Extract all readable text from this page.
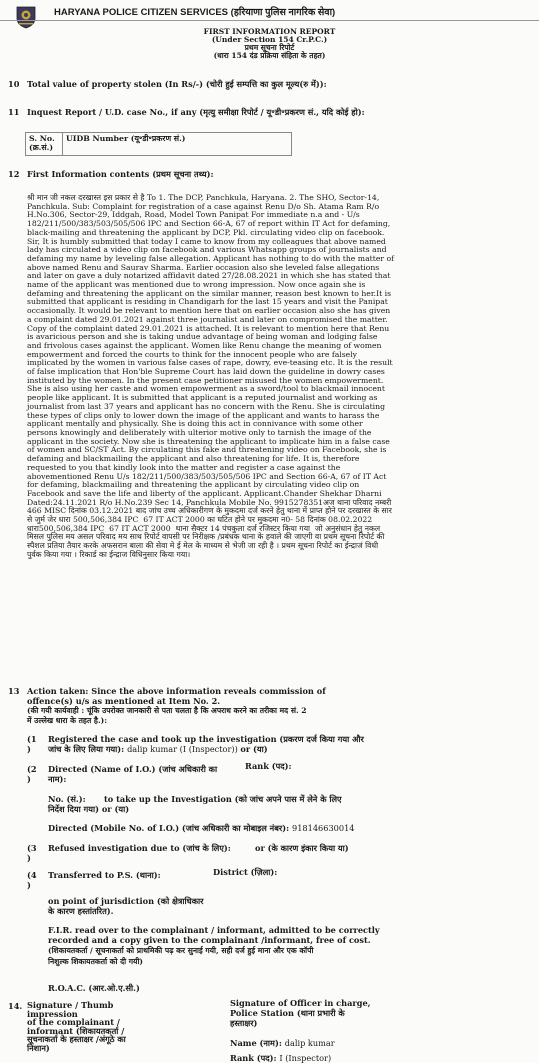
HARYANA POLICE CITIZEN SERVICES (हरियाणा पुलिस नागरिक सेवा)
FIRST INFORMATION REPORT
(Under Section 154 Cr.P.C.)
प्रथम सूचना रिपोर्ट
(धारा 154 दंड प्रक्रिया संहिता के तहत)
10 Total value of property stolen (In Rs/-) (चोरी हुई सम्पत्ति का कुल मूल्य(रु में)):
11 Inquest Report / U.D. case No., if any (मृत्यु समीक्षा रिपोर्ट / यू॰डी॰प्रकरण सं., यदि कोई हो):
S. No.
(क्र.सं.)
	UIDB Number (यू॰डी॰प्रकरण सं.)
12 First Information contents (प्रथम सूचना तथ्य):

श्री मान जी नकल दरखास्त इस प्रकार से है To 1. The DCP, Panchkula, Haryana. 2. The SHO, Sector-14, Panchkula. Sub: Complaint for registration of a case against Renu D/o Sh. Atama Ram R/o H.No.306, Sector-29, Iddgah, Road, Model Town Panipat For immediate n.a and - U/s 182/211/500/383/503/505/506 IPC and Section 66-A, 67 of report within IT Act for defaming, black-mailing and threatening the applicant by DCP, Pkl. circulating video clip on facebook. Sir, It is humbly submitted that today I came to know from my colleagues that above named lady has circulated a video clip on facebook and various Whatsapp groups of journalists and defaming my name by leveling false allegation. Applicant has nothing to do with the matter of above named Renu and Saurav Sharma. Earlier occasion also she leveled false allegations and later on gave a duly notarized affidavit dated 27/28.08.2021 in which she has stated that name of the applicant was mentioned due to wrong impression. Now once again she is defaming and threatening the applicant on the similar manner, reason best known to her.It is submitted that applicant is residing in Chandigarh for the last 15 years and visit the Panipat occasionally. It would be relevant to mention here that on earlier occasion also she has given a complaint dated 29.01.2021 against three journalist and later on compromised the matter. Copy of the complaint dated 29.01.2021 is attached. It is relevant to mention here that Renu is avaricious person and she is taking undue advantage of being woman and lodging false and frivolous cases against the applicant. Women like Renu change the meaning of women empowerment and forced the courts to think for the innocent people who are falsely implicated by the women in various false cases of rape, dowry, eve-teasing etc. It is the result of false implication that Hon'ble Supreme Court has laid down the guideline in dowry cases instituted by the women. In the present case petitioner misused the women empowerment. She is also using her caste and women empowerment as a sword/tool to blackmail innocent people like applicant. It is submitted that applicant is a reputed journalist and working as journalist from last 37 years and applicant has no concern with the Renu. She is circulating these types of clips only to lower down the image of the applicant and wants to harass the applicant mentally and physically. She is doing this act in connivance with some other persons knowingly and deliberately with ulterior motive only to tarnish the image of the applicant in the society. Now she is threatening the applicant to implicate him in a false case of women and SC/ST Act. By circulating this fake and threatening video on Facebook, she is defaming and blackmailing the applicant and also threatening for life. It is, therefore requested to you that kindly look into the matter and register a case against the abovementioned Renu U/s 182/211/500/383/503/505/506 IPC and Section 66-A, 67 of IT Act for defaming, blackmailing and threatening the applicant by circulating video clip on Facebook and save the life and liberty of the applicant. Applicant.Chander Shekhar Dharni Dated:24.11.2021 R/o H.No.239 Sec 14, Panchkula Mobile No. 9915278351अज थाना परिवाद नम्बरी 466 MISC दिनांक 03.12.2021 बाद जांच उच्च अधिकारीगण के मुकदमा दर्ज करने हेतु थाना में प्राप्त होने पर दरखास्त के सार से जुर्म जेर धारा 500,506,384 IPC  67 IT ACT 2000 का घटित होने पर मुकदमा न0- 58 दिनांक 08.02.2022 धारा500,506,384 IPC  67 IT ACT 2000  थाना सैक्टर 14 पंचकुला दर्ज रजिस्टर किया गया  जो अनुसंधान हेतु नकल मिसल पुलिस मय असल परिवाद मय साथ रिपोर्ट वापसी पर निरीक्षक /प्रबंधक थाना के हवाले की जाएगी वा प्रथम सूचना रिपोर्ट की स्पैशल प्रतिया तैयार करके अफसरान बाला की सेवा मे ई मेल के माध्यम से भेजी जा रही है । प्रथम सूचना रिपोर्ट का ईन्द्राजं विधी पुर्वक किया गया । रिकार्ड का ईन्द्राज विधिनुसार किया गया।

13 Action taken: Since the above information reveals commission of
offence(s) u/s as mentioned at Item No. 2.
(की गयी कार्यवाही : चूंकि उपरोक्त जानकारी से पता चलता है कि अपराध करने का तरीका मद सं. 2
में उल्लेख धारा के तहत है.):
(1
)
Registered the case and took up the investigation (प्रकरण दर्ज किया गया और
जांच के लिए लिया गया): dalip kumar (I (Inspector)) or (या)
(2
)
Directed (Name of I.O.) (जांच अधिकारी का
नाम):
Rank (पद):
No. (सं.): to take up the Investigation (को जांच अपने पास में लेने के लिए
निर्देश दिया गया) or (या)
Directed (Mobile No. of I.O.) (जांच अधिकारी का मोबाइल नंबर): 918146630014
(3
)
Refused investigation due to (जांच के लिए):	or (के कारण इंकार किया या)
(4
)
Transferred to P.S. (थाना):	District (ज़िला):
on point of jurisdiction (को क्षेत्राधिकार
के कारण हस्तांतरित).
F.I.R. read over to the complainant / informant, admitted to be correctly
recorded and a copy given to the complainant /informant, free of cost.
(शिकायतकर्ता / सूचनाकर्ता को प्राथमिकी पढ़ कर सुनाई गयी, सही दर्ज हुई माना और एक कॉपी
निशुल्क शिकायतकर्ता को दी गयी)
R.O.A.C. (आर.ओ.ए.सी.)
14. Signature / Thumb
impression
of the complainant /
informant (शिकायतकर्ता /
सूचनाकर्ता के हस्ताक्षर /अंगूठे का
निशान)
Signature of Officer in charge,
Police Station (थाना प्रभारी के
हस्ताक्षर)
Name (नाम): dalip kumar
Rank (पद): I (Inspector)
